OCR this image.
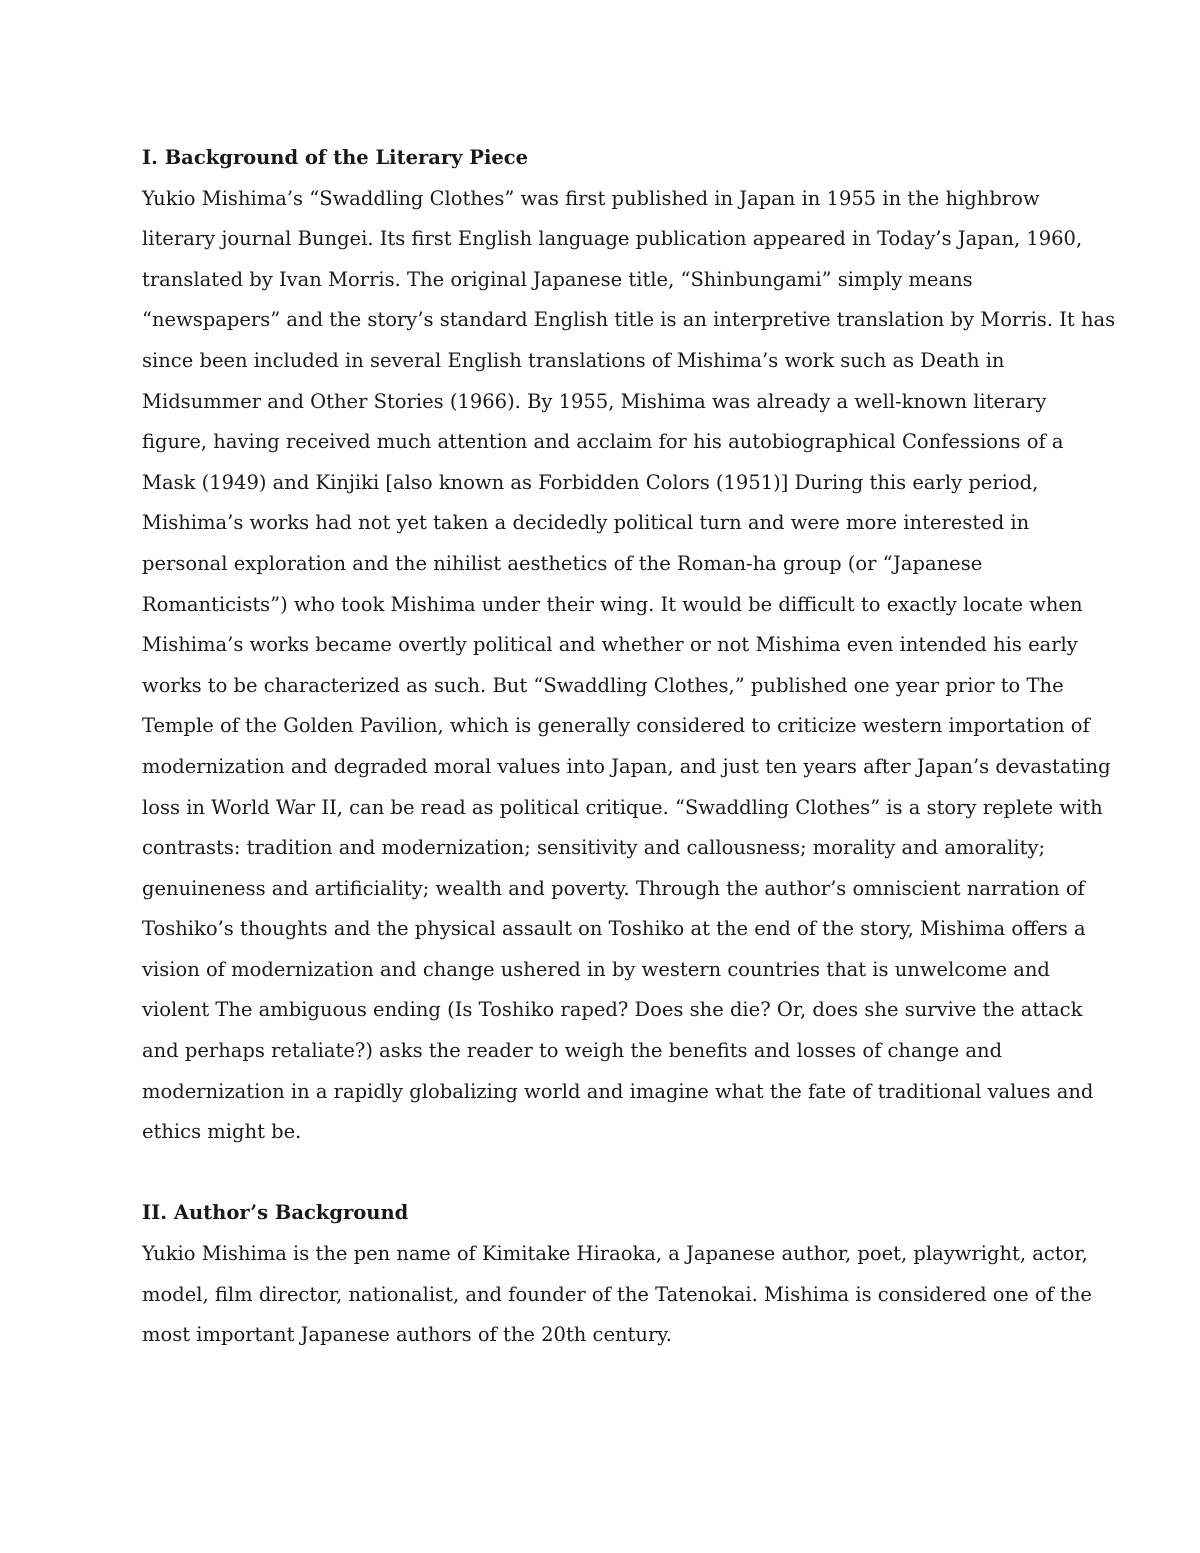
I. Background of the Literary Piece
Yukio Mishima’s “Swaddling Clothes” was first published in Japan in 1955 in the highbrow
literary journal Bungei. Its first English language publication appeared in Today’s Japan, 1960,
translated by Ivan Morris. The original Japanese title, “Shinbungami” simply means
“newspapers” and the story’s standard English title is an interpretive translation by Morris. It has
since been included in several English translations of Mishima’s work such as Death in
Midsummer and Other Stories (1966). By 1955, Mishima was already a well-known literary
figure, having received much attention and acclaim for his autobiographical Confessions of a
Mask (1949) and Kinjiki [also known as Forbidden Colors (1951)] During this early period,
Mishima’s works had not yet taken a decidedly political turn and were more interested in
personal exploration and the nihilist aesthetics of the Roman-ha group (or “Japanese
Romanticists”) who took Mishima under their wing. It would be difficult to exactly locate when
Mishima’s works became overtly political and whether or not Mishima even intended his early
works to be characterized as such. But “Swaddling Clothes,” published one year prior to The
Temple of the Golden Pavilion, which is generally considered to criticize western importation of
modernization and degraded moral values into Japan, and just ten years after Japan’s devastating
loss in World War II, can be read as political critique. “Swaddling Clothes” is a story replete with
contrasts: tradition and modernization; sensitivity and callousness; morality and amorality;
genuineness and artificiality; wealth and poverty. Through the author’s omniscient narration of
Toshiko’s thoughts and the physical assault on Toshiko at the end of the story, Mishima offers a
vision of modernization and change ushered in by western countries that is unwelcome and
violent The ambiguous ending (Is Toshiko raped? Does she die? Or, does she survive the attack
and perhaps retaliate?) asks the reader to weigh the benefits and losses of change and
modernization in a rapidly globalizing world and imagine what the fate of traditional values and
ethics might be.
II. Author’s Background
Yukio Mishima is the pen name of Kimitake Hiraoka, a Japanese author, poet, playwright, actor,
model, film director, nationalist, and founder of the Tatenokai. Mishima is considered one of the
most important Japanese authors of the 20th century.
